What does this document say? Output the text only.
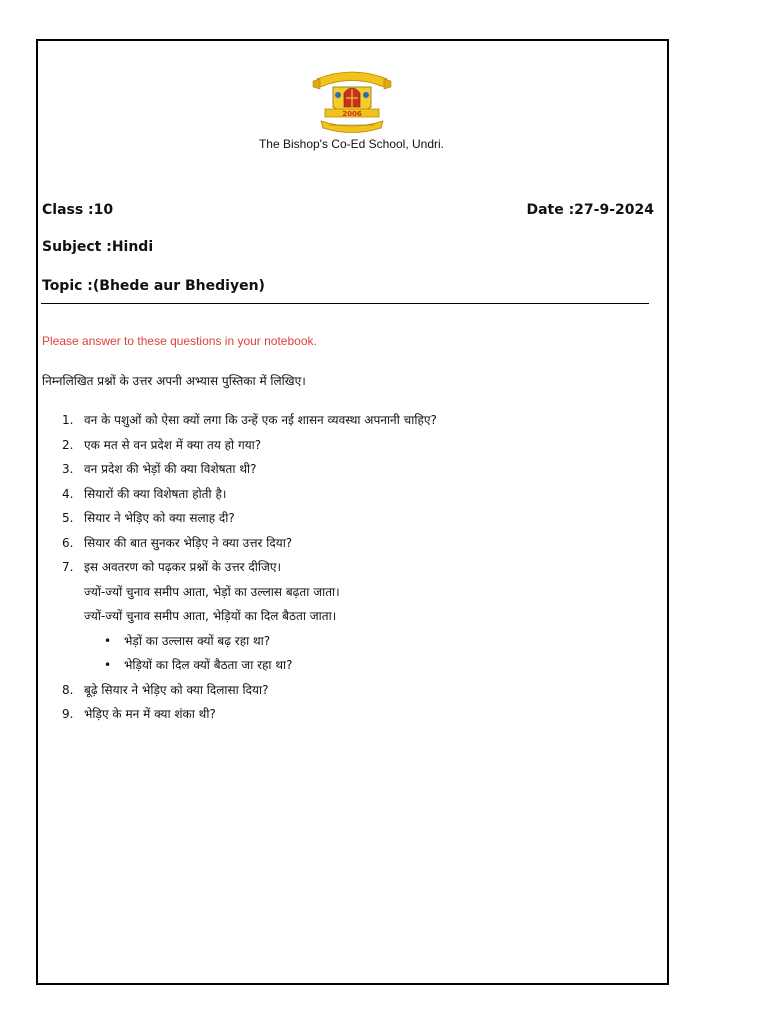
2006
The Bishop's Co-Ed School, Undri.
Class :10	Date :27-9-2024
Subject :Hindi
Topic :(Bhede aur Bhediyen)
Please answer to these questions in your notebook.
निम्नलिखित प्रश्नों के उत्तर अपनी अभ्यास पुस्तिका में लिखिए।
1. वन के पशुओं को ऐसा क्यों लगा कि उन्हें एक नई शासन व्यवस्था अपनानी चाहिए?
2. एक मत से वन प्रदेश में क्या तय हो गया?
3. वन प्रदेश की भेड़ों की क्या विशेषता थी?
4. सियारों की क्या विशेषता होती है।
5. सियार ने भेड़िए को क्या सलाह दी?
6. सियार की बात सुनकर भेड़िए ने क्या उत्तर दिया?
7. इस अवतरण को पढ़कर प्रश्नों के उत्तर दीजिए।
ज्यों-ज्यों चुनाव समीप आता, भेड़ों का उल्लास बढ़ता जाता।
ज्यों-ज्यों चुनाव समीप आता, भेड़ियों का दिल बैठता जाता।
• भेड़ों का उल्लास क्यों बढ़ रहा था?
• भेड़ियों का दिल क्यों बैठता जा रहा था?
8. बूढ़े सियार ने भेड़िए को क्या दिलासा दिया?
9. भेड़िए के मन में क्या शंका थी?
